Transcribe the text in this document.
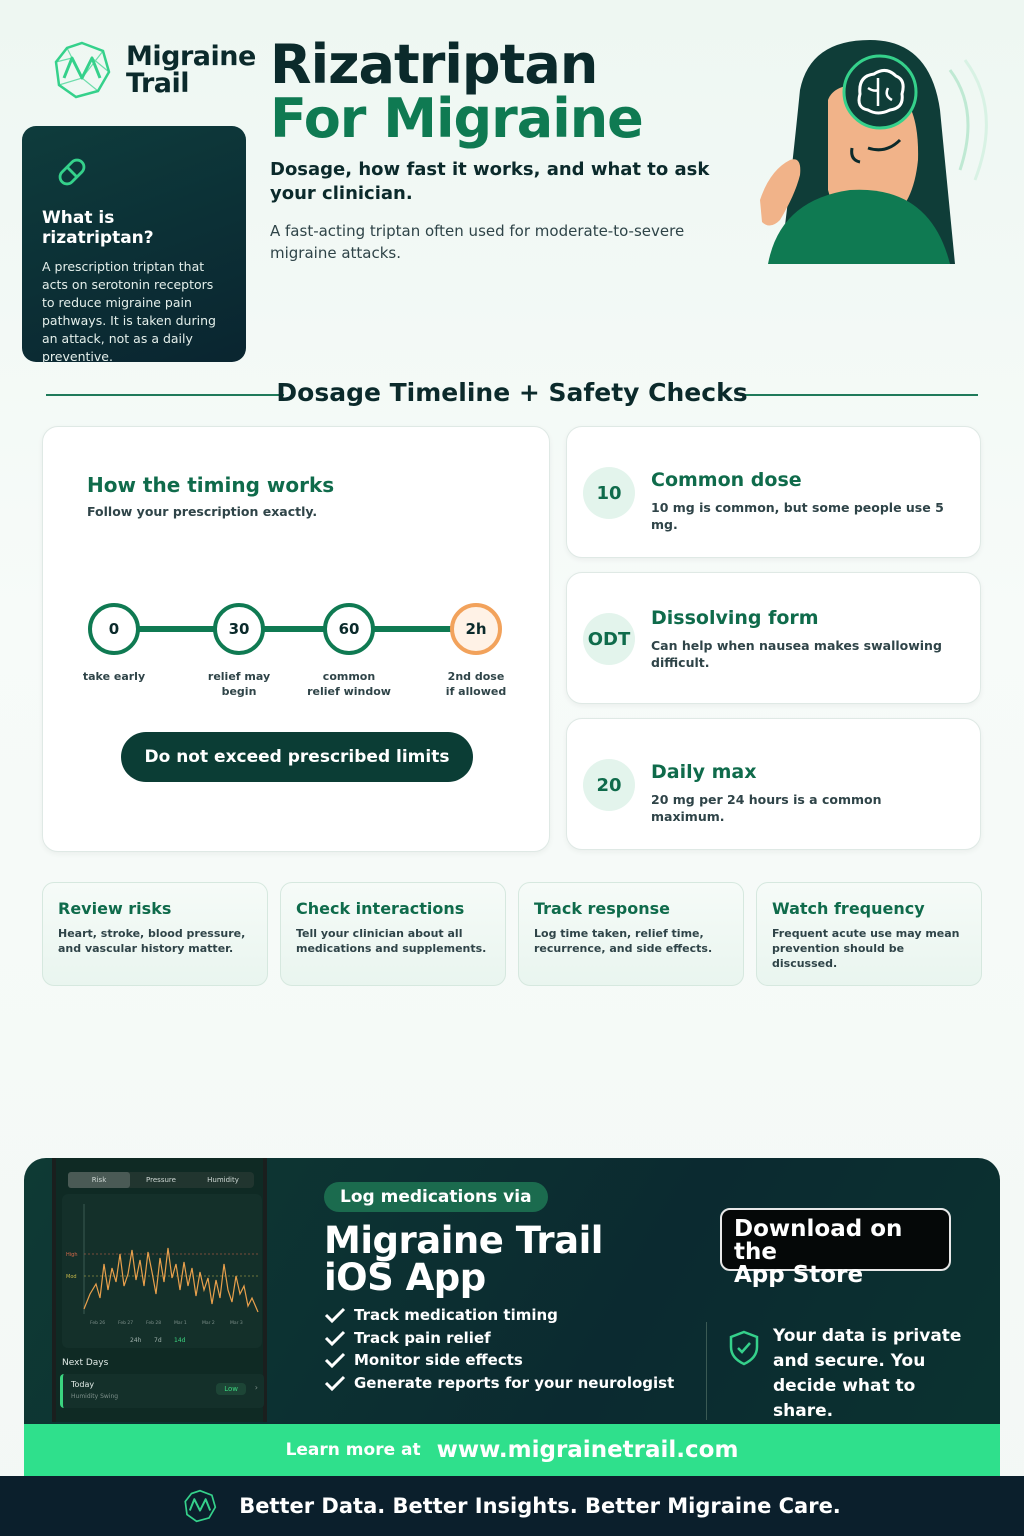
Migraine
Trail	Rizatriptan
For Migraine
Dosage, how fast it works, and what to ask your clinician.
A fast-acting triptan often used for moderate-to-severe migraine attacks.
What is rizatriptan?
A prescription triptan that acts on serotonin receptors to reduce migraine pain pathways. It is taken during an attack, not as a daily preventive.
Dosage Timeline + Safety Checks
How the timing works
Follow your prescription exactly.
0	30	60	2h
take early	relief may
begin
common
relief window
2nd dose
if allowed
Do not exceed prescribed limits
10
Common dose
10 mg is common, but some people use 5 mg.
ODT
Dissolving form
Can help when nausea makes swallowing difficult.
20
Daily max
20 mg per 24 hours is a common maximum.
Review risks
Heart, stroke, blood pressure, and vascular history matter.
Check interactions
Tell your clinician about all medications and supplements.
Track response
Log time taken, relief time, recurrence, and side effects.
Watch frequency
Frequent acute use may mean prevention should be discussed.
Risk	Pressure	Humidity
High
Mod
Feb 26	Feb 27	Feb 28	Mar 1	Mar 2	Mar 3
24h 7d 14d
Next Days
Today
Humidity Swing
Low	›
Log medications via
Migraine Trail
iOS App
Track medication timing
Track pain relief
Monitor side effects
Generate reports for your neurologist
Download on the
App Store
Your data is private and secure. You decide what to share.
Learn more at www.migrainetrail.com
Better Data. Better Insights. Better Migraine Care.
